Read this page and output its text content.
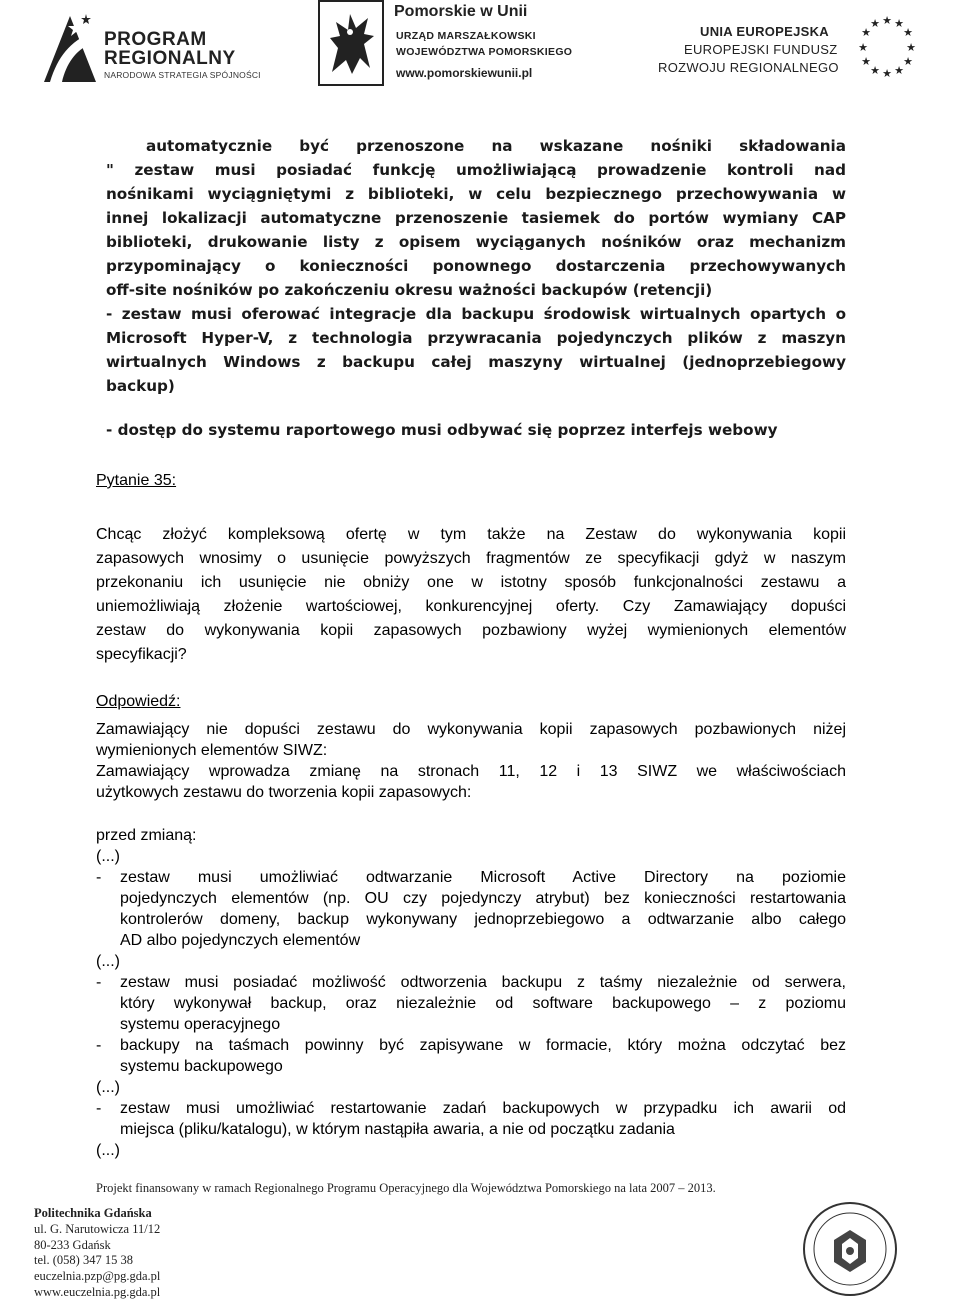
PROGRAM
REGIONALNY
NARODOWA STRATEGIA SPÓJNOŚCI
Pomorskie w Unii
URZĄD MARSZAŁKOWSKI
WOJEWÓDZTWA POMORSKIEGO
www.pomorskiewunii.pl
UNIA EUROPEJSKA
EUROPEJSKI FUNDUSZ
ROZWOJU REGIONALNEGO
★ ★
★
★
★
★
★
★
★
★
★
★
automatycznie być przenoszone na wskazane nośniki składowania
" zestaw musi posiadać funkcję umożliwiającą prowadzenie kontroli nad
nośnikami wyciągniętymi z biblioteki, w celu bezpiecznego przechowywania w
innej lokalizacji automatyczne przenoszenie tasiemek do portów wymiany CAP
biblioteki, drukowanie listy z opisem wyciąganych nośników oraz mechanizm
przypominający o konieczności ponownego dostarczenia przechowywanych
off-site nośników po zakończeniu okresu ważności backupów (retencji)
- zestaw musi oferować integracje dla backupu środowisk wirtualnych opartych o
Microsoft Hyper-V, z technologia przywracania pojedynczych plików z maszyn
wirtualnych Windows z backupu całej maszyny wirtualnej (jednoprzebiegowy
backup)
- dostęp do systemu raportowego musi odbywać się poprzez interfejs webowy

Pytanie 35:

Chcąc złożyć kompleksową ofertę w tym także na Zestaw do wykonywania kopii
zapasowych wnosimy o usunięcie powyższych fragmentów ze specyfikacji gdyż w naszym
przekonaniu ich usunięcie nie obniży one w istotny sposób funkcjonalności zestawu a
uniemożliwiają złożenie wartościowej, konkurencyjnej oferty. Czy Zamawiający dopuści
zestaw do wykonywania kopii zapasowych pozbawiony wyżej wymienionych elementów
specyfikacji?

Odpowiedź:

Zamawiający nie dopuści zestawu do wykonywania kopii zapasowych pozbawionych niżej
wymienionych elementów SIWZ:
Zamawiający wprowadza zmianę na stronach 11, 12 i 13 SIWZ we właściwościach
użytkowych zestawu do tworzenia kopii zapasowych:

przed zmianą:

(...)

- zestaw musi umożliwiać odtwarzanie Microsoft Active Directory na poziomie
pojedynczych elementów (np. OU czy pojedynczy atrybut) bez konieczności restartowania
kontrolerów domeny, backup wykonywany jednoprzebiegowo a odtwarzanie albo całego
AD albo pojedynczych elementów

(...)

- zestaw musi posiadać możliwość odtworzenia backupu z taśmy niezależnie od serwera,
który wykonywał backup, oraz niezależnie od software backupowego – z poziomu
systemu operacyjnego
- backupy na taśmach powinny być zapisywane w formacie, który można odczytać bez
systemu backupowego

(...)

- zestaw musi umożliwiać restartowanie zadań backupowych w przypadku ich awarii od
miejsca (pliku/katalogu), w którym nastąpiła awaria, a nie od początku zadania

(...)

Projekt finansowany w ramach Regionalnego Programu Operacyjnego dla Województwa Pomorskiego na lata 2007 – 2013.
Politechnika Gdańska
ul. G. Narutowicza 11/12
80-233 Gdańsk
tel. (058) 347 15 38
euczelnia.pzp@pg.gda.pl
www.euczelnia.pg.gda.pl
